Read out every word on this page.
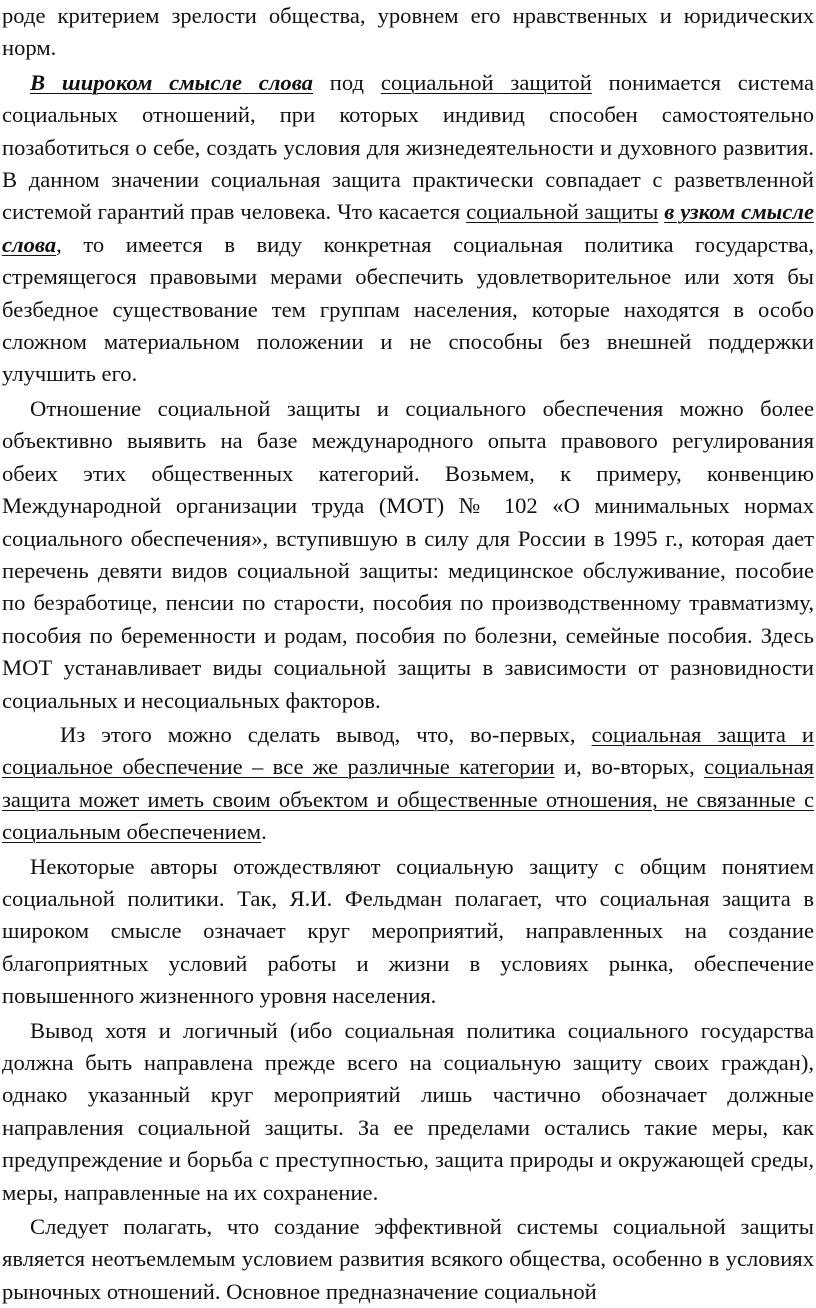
роде критерием зрелости общества, уровнем его нравственных и юридических норм.

В широком смысле слова под социальной защитой понимается система социальных отношений, при которых индивид способен самостоятельно позаботиться о себе, создать условия для жизнедеятельности и духовного развития. В данном значении социальная защита практически совпадает с разветвленной системой гарантий прав человека. Что касается социальной защиты в узком смысле слова, то имеется в виду конкретная социальная политика государства, стремящегося правовыми мерами обеспечить удовлетворительное или хотя бы безбедное существование тем группам населения, которые находятся в особо сложном материальном положении и не способны без внешней поддержки улучшить его.

Отношение социальной защиты и социального обеспечения можно более объективно выявить на базе международного опыта правового регулирования обеих этих общественных категорий. Возьмем, к примеру, конвенцию Международной организации труда (МОТ) № 102 «О минимальных нормах социального обеспечения», вступившую в силу для России в 1995 г., которая дает перечень девяти видов социальной защиты: медицинское обслуживание, пособие по безработице, пенсии по старости, пособия по производственному травматизму, пособия по беременности и родам, пособия по болезни, семейные пособия. Здесь МОТ устанавливает виды социальной защиты в зависимости от разновидности социальных и несоциальных факторов.

Из этого можно сделать вывод, что, во-первых, социальная защита и социальное обеспечение – все же различные категории и, во-вторых, социальная защита может иметь своим объектом и общественные отношения, не связанные с социальным обеспечением.

Некоторые авторы отождествляют социальную защиту с общим понятием социальной политики. Так, Я.И. Фельдман полагает, что социальная защита в широком смысле означает круг мероприятий, направленных на создание благоприятных условий работы и жизни в условиях рынка, обеспечение повышенного жизненного уровня населения.

Вывод хотя и логичный (ибо социальная политика социального государства должна быть направлена прежде всего на социальную защиту своих граждан), однако указанный круг мероприятий лишь частично обозначает должные направления социальной защиты. За ее пределами остались такие меры, как предупреждение и борьба с преступностью, защита природы и окружающей среды, меры, направленные на их сохранение.

Следует полагать, что создание эффективной системы социальной защиты является неотъемлемым условием развития всякого общества, особенно в условиях рыночных отношений. Основное предназначение социальной
